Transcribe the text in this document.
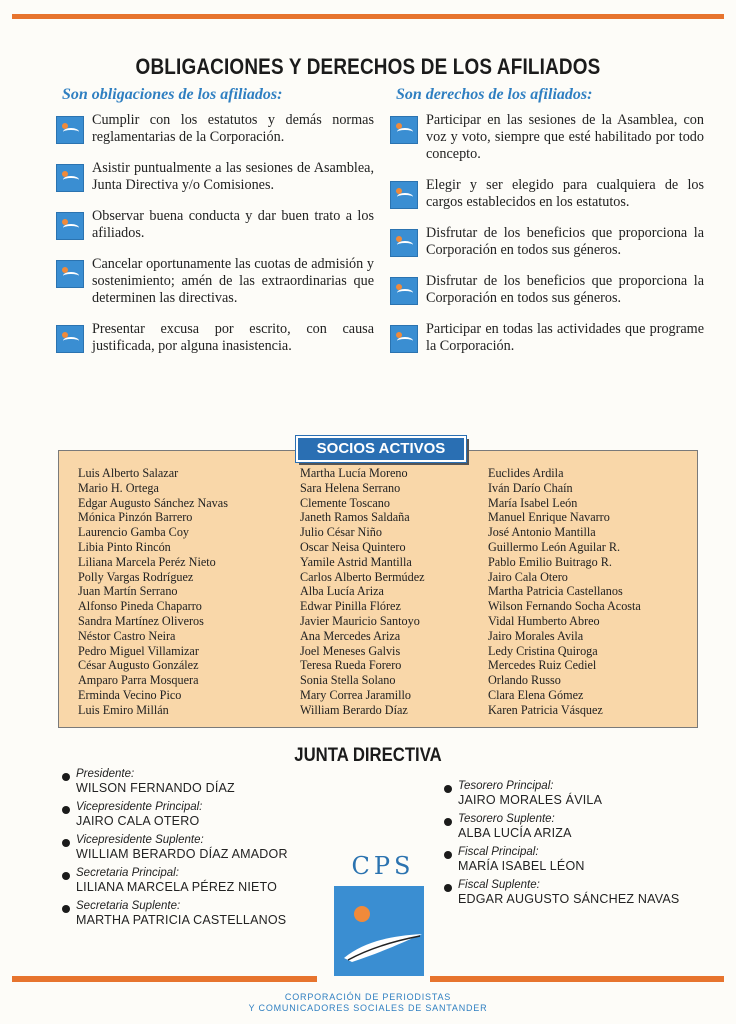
OBLIGACIONES Y DERECHOS DE LOS AFILIADOS
Son obligaciones de los afiliados:

Cumplir con los estatutos y demás normas reglamentarias de la Corporación.

Asistir puntualmente a las sesiones de Asamblea, Junta Directiva y/o Comisiones.

Observar buena conducta y dar buen trato a los afiliados.

Cancelar oportunamente las cuotas de admisión y sostenimiento; amén de las extraordinarias que determinen las directivas.

Presentar excusa por escrito, con causa justificada, por alguna inasistencia.

Son derechos de los afiliados:

Participar en las sesiones de la Asamblea, con voz y voto, siempre que esté habilitado por todo concepto.

Elegir y ser elegido para cualquiera de los cargos establecidos en los estatutos.

Disfrutar de los beneficios que proporciona la Corporación en todos sus géneros.

Disfrutar de los beneficios que proporciona la Corporación en todos sus géneros.

Participar en todas las actividades que programe la Corporación.

SOCIOS ACTIVOS
Luis Alberto Salazar
Mario H. Ortega
Edgar Augusto Sánchez Navas
Mónica Pinzón Barrero
Laurencio Gamba Coy
Libia Pinto Rincón
Liliana Marcela Peréz Nieto
Polly Vargas Rodríguez
Juan Martín Serrano
Alfonso Pineda Chaparro
Sandra Martínez Oliveros
Néstor Castro Neira
Pedro Miguel Villamizar
César Augusto González
Amparo Parra Mosquera
Erminda Vecino Pico
Luis Emiro Millán
Martha Lucía Moreno
Sara Helena Serrano
Clemente Toscano
Janeth Ramos Saldaña
Julio César Niño
Oscar Neisa Quintero
Yamile Astrid Mantilla
Carlos Alberto Bermúdez
Alba Lucía Ariza
Edwar Pinilla Flórez
Javier Mauricio Santoyo
Ana Mercedes Ariza
Joel Meneses Galvis
Teresa Rueda Forero
Sonia Stella Solano
Mary Correa Jaramillo
William Berardo Díaz
Euclides Ardila
Iván Darío Chaín
María Isabel León
Manuel Enrique Navarro
José Antonio Mantilla
Guillermo León Aguilar R.
Pablo Emilio Buitrago R.
Jairo Cala Otero
Martha Patricia Castellanos
Wilson Fernando Socha Acosta
Vidal Humberto Abreo
Jairo Morales Avila
Ledy Cristina Quiroga
Mercedes Ruiz Cediel
Orlando Russo
Clara Elena Gómez
Karen Patricia Vásquez
JUNTA DIRECTIVA
Presidente:
WILSON FERNANDO DÍAZ
Vicepresidente Principal:
JAIRO CALA OTERO
Vicepresidente Suplente:
WILLIAM BERARDO DÍAZ AMADOR
Secretaria Principal:
LILIANA MARCELA PÉREZ NIETO
Secretaria Suplente:
MARTHA PATRICIA CASTELLANOS
Tesorero Principal:
JAIRO MORALES ÁVILA
Tesorero Suplente:
ALBA LUCÍA ARIZA
Fiscal Principal:
MARÍA ISABEL LÉON
Fiscal Suplente:
EDGAR AUGUSTO SÁNCHEZ NAVAS
CPS
CORPORACIÓN DE PERIODISTAS
Y COMUNICADORES SOCIALES DE SANTANDER
